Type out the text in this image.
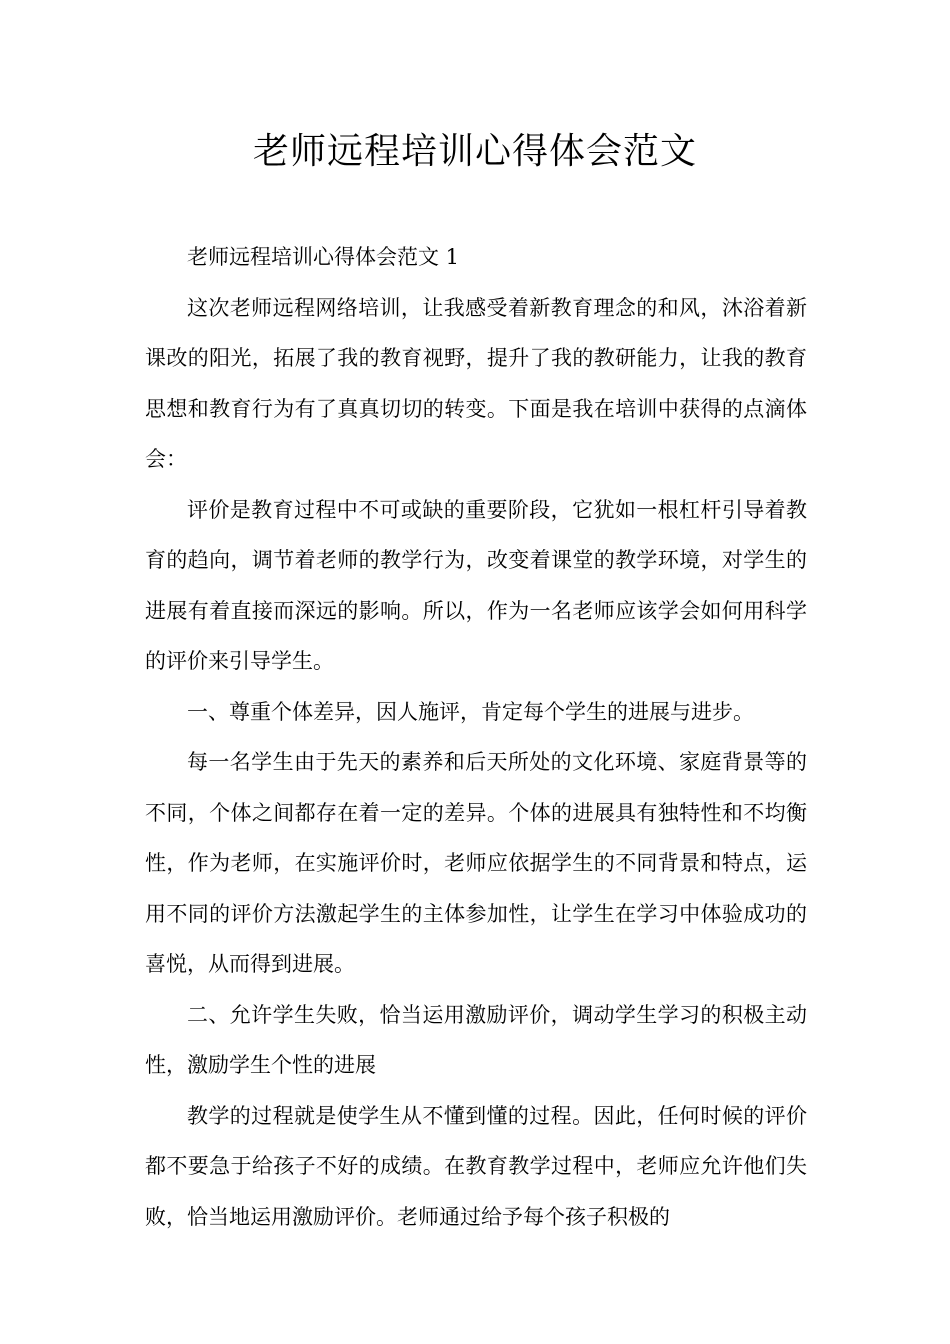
老师远程培训心得体会范文

老师远程培训心得体会范文 1

这次老师远程网络培训，让我感受着新教育理念的和风，沐浴着新课改的阳光，拓展了我的教育视野，提升了我的教研能力，让我的教育思想和教育行为有了真真切切的转变。下面是我在培训中获得的点滴体会：

评价是教育过程中不可或缺的重要阶段，它犹如一根杠杆引导着教育的趋向，调节着老师的教学行为，改变着课堂的教学环境，对学生的进展有着直接而深远的影响。所以，作为一名老师应该学会如何用科学的评价来引导学生。

一、尊重个体差异，因人施评，肯定每个学生的进展与进步。

每一名学生由于先天的素养和后天所处的文化环境、家庭背景等的不同，个体之间都存在着一定的差异。个体的进展具有独特性和不均衡性，作为老师，在实施评价时，老师应依据学生的不同背景和特点，运用不同的评价方法激起学生的主体参加性，让学生在学习中体验成功的喜悦，从而得到进展。

二、允许学生失败，恰当运用激励评价，调动学生学习的积极主动性，激励学生个性的进展

教学的过程就是使学生从不懂到懂的过程。因此，任何时候的评价都不要急于给孩子不好的成绩。在教育教学过程中，老师应允许他们失败，恰当地运用激励评价。老师通过给予每个孩子积极的
